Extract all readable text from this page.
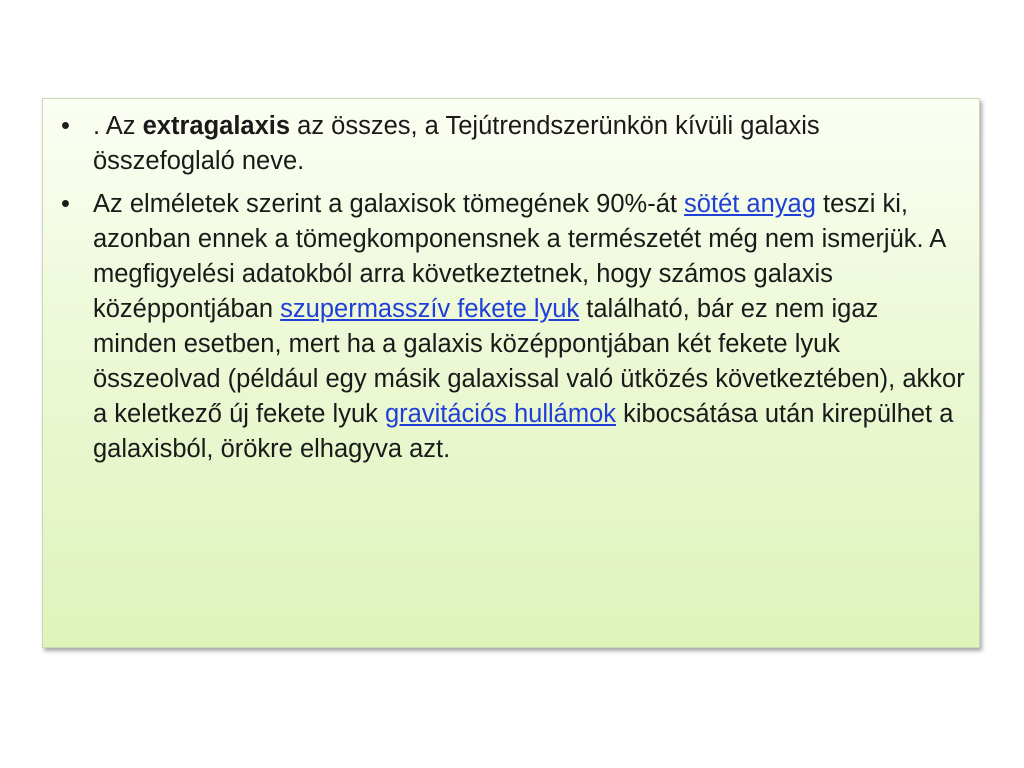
• . Az extragalaxis az összes, a Tejútrendszerünkön kívüli galaxis összefoglaló neve.
• Az elméletek szerint a galaxisok tömegének 90%-át sötét anyag teszi ki, azonban ennek a tömegkomponensnek a természetét még nem ismerjük. A megfigyelési adatokból arra következtetnek, hogy számos galaxis középpontjában szupermasszív fekete lyuk található, bár ez nem igaz minden esetben, mert ha a galaxis középpontjában két fekete lyuk összeolvad (például egy másik galaxissal való ütközés következtében), akkor a keletkező új fekete lyuk gravitációs hullámok kibocsátása után kirepülhet a galaxisból, örökre elhagyva azt.
